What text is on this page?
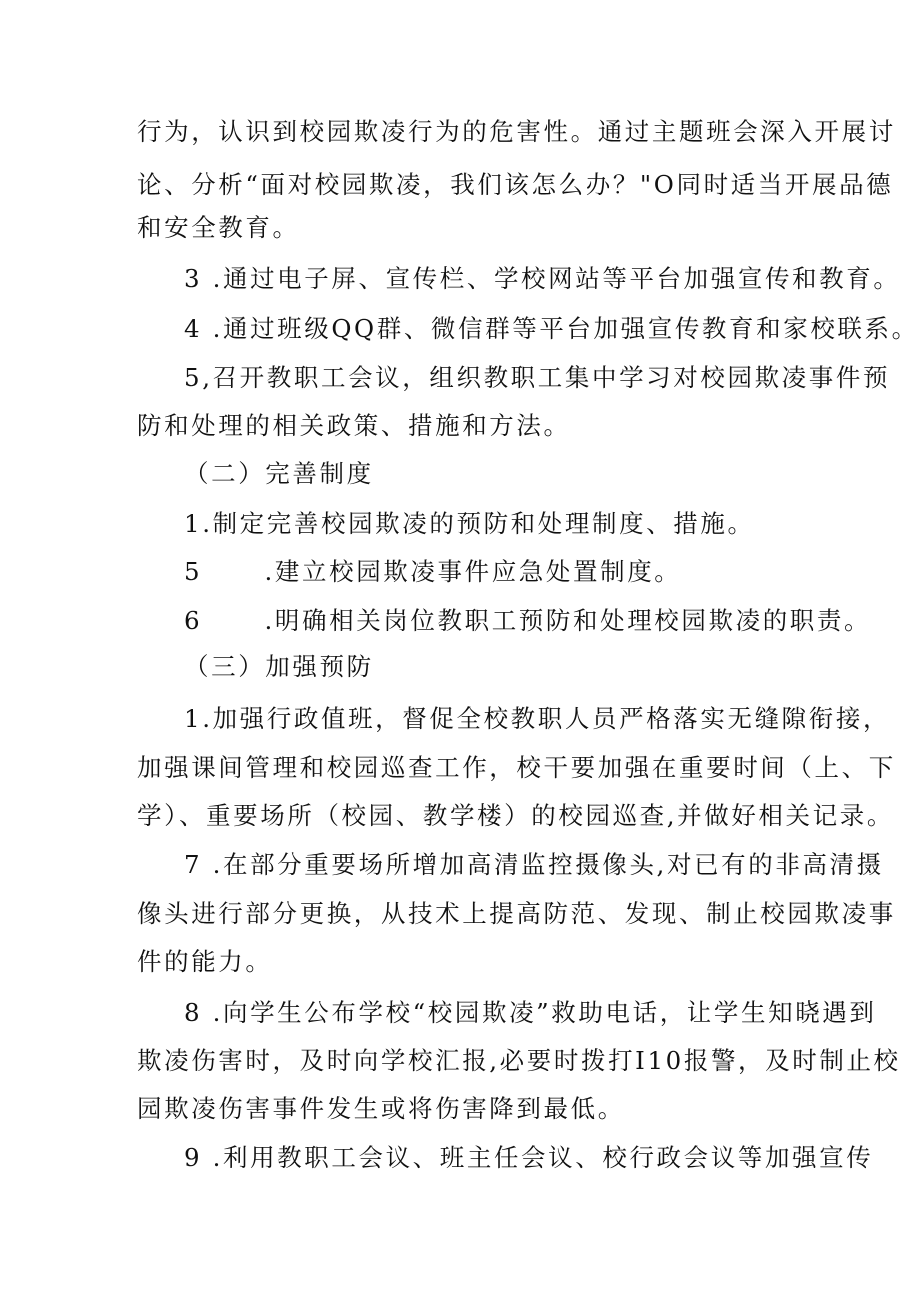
行为，认识到校园欺凌行为的危害性。通过主题班会深入开展讨
论、分析“面对校园欺凌，我们该怎么办？"O同时适当开展品德
和安全教育。
3 .通过电子屏、宣传栏、学校网站等平台加强宣传和教育。
4 .通过班级QQ群、微信群等平台加强宣传教育和家校联系。
5,召开教职工会议，组织教职工集中学习对校园欺凌事件预
防和处理的相关政策、措施和方法。
（二）完善制度
1.制定完善校园欺凌的预防和处理制度、措施。
5      .建立校园欺凌事件应急处置制度。
6      .明确相关岗位教职工预防和处理校园欺凌的职责。
（三）加强预防
1.加强行政值班，督促全校教职人员严格落实无缝隙衔接，
加强课间管理和校园巡查工作，校干要加强在重要时间（上、下
学）、重要场所（校园、教学楼）的校园巡查,并做好相关记录。
7 .在部分重要场所增加高清监控摄像头,对已有的非高清摄
像头进行部分更换，从技术上提高防范、发现、制止校园欺凌事
件的能力。
8 .向学生公布学校“校园欺凌”救助电话，让学生知晓遇到
欺凌伤害时，及时向学校汇报,必要时拨打I10报警，及时制止校
园欺凌伤害事件发生或将伤害降到最低。
9 .利用教职工会议、班主任会议、校行政会议等加强宣传
